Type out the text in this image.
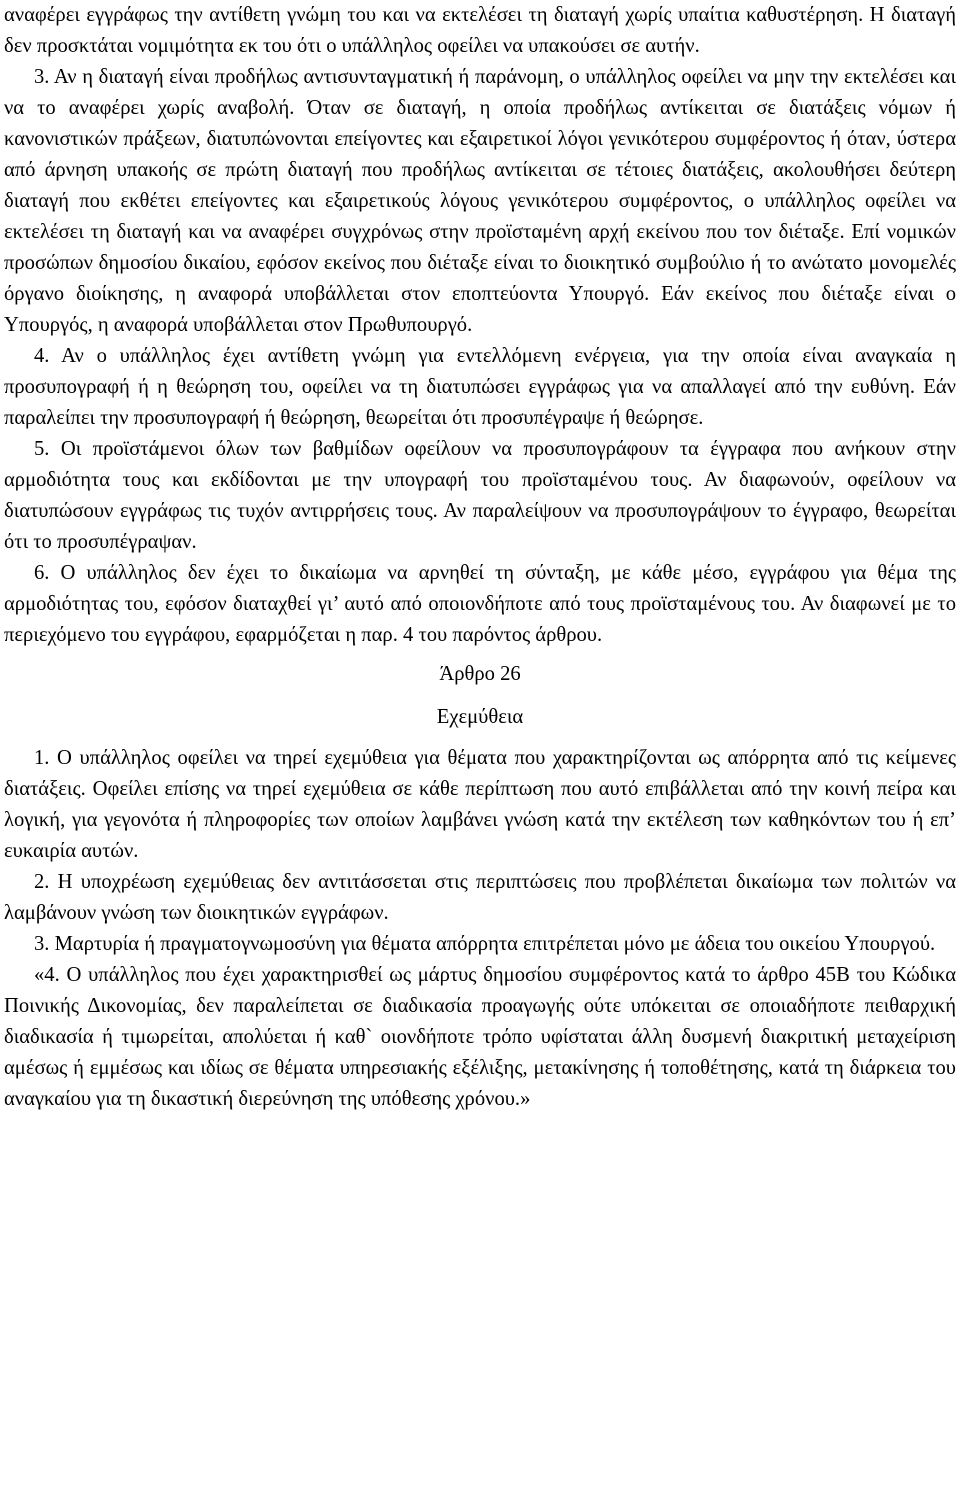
αναφέρει εγγράφως την αντίθετη γνώμη του και να εκτελέσει τη διαταγή χωρίς υπαίτια καθυστέρηση. Η διαταγή δεν προσκτάται νομιμότητα εκ του ότι ο υπάλληλος οφείλει να υπακούσει σε αυτήν.

3. Αν η διαταγή είναι προδήλως αντισυνταγματική ή παράνομη, ο υπάλληλος οφείλει να μην την εκτελέσει και να το αναφέρει χωρίς αναβολή. Όταν σε διαταγή, η οποία προδήλως αντίκειται σε διατάξεις νόμων ή κανονιστικών πράξεων, διατυπώνονται επείγοντες και εξαιρετικοί λόγοι γενικότερου συμφέροντος ή όταν, ύστερα από άρνηση υπακοής σε πρώτη διαταγή που προδήλως αντίκειται σε τέτοιες διατάξεις, ακολουθήσει δεύτερη διαταγή που εκθέτει επείγοντες και εξαιρετικούς λόγους γενικότερου συμφέροντος, ο υπάλληλος οφείλει να εκτελέσει τη διαταγή και να αναφέρει συγχρόνως στην προϊσταμένη αρχή εκείνου που τον διέταξε. Επί νομικών προσώπων δημοσίου δικαίου, εφόσον εκείνος που διέταξε είναι το διοικητικό συμβούλιο ή το ανώτατο μονομελές όργανο διοίκησης, η αναφορά υποβάλλεται στον εποπτεύοντα Υπουργό. Εάν εκείνος που διέταξε είναι ο Υπουργός, η αναφορά υποβάλλεται στον Πρωθυπουργό.

4. Αν ο υπάλληλος έχει αντίθετη γνώμη για εντελλόμενη ενέργεια, για την οποία είναι αναγκαία η προσυπογραφή ή η θεώρηση του, οφείλει να τη διατυπώσει εγγράφως για να απαλλαγεί από την ευθύνη. Εάν παραλείπει την προσυπογραφή ή θεώρηση, θεωρείται ότι προσυπέγραψε ή θεώρησε.

5. Οι προϊστάμενοι όλων των βαθμίδων οφείλουν να προσυπογράφουν τα έγγραφα που ανήκουν στην αρμοδιότητα τους και εκδίδονται με την υπογραφή του προϊσταμένου τους. Αν διαφωνούν, οφείλουν να διατυπώσουν εγγράφως τις τυχόν αντιρρήσεις τους. Αν παραλείψουν να προσυπογράψουν το έγγραφο, θεωρείται ότι το προσυπέγραψαν.

6. Ο υπάλληλος δεν έχει το δικαίωμα να αρνηθεί τη σύνταξη, με κάθε μέσο, εγγράφου για θέμα της αρμοδιότητας του, εφόσον διαταχθεί γι’ αυτό από οποιονδήποτε από τους προϊσταμένους του. Αν διαφωνεί με το περιεχόμενο του εγγράφου, εφαρμόζεται η παρ. 4 του παρόντος άρθρου.

Άρθρο 26
Εχεμύθεια

1. Ο υπάλληλος οφείλει να τηρεί εχεμύθεια για θέματα που χαρακτηρίζονται ως απόρρητα από τις κείμενες διατάξεις. Οφείλει επίσης να τηρεί εχεμύθεια σε κάθε περίπτωση που αυτό επιβάλλεται από την κοινή πείρα και λογική, για γεγονότα ή πληροφορίες των οποίων λαμβάνει γνώση κατά την εκτέλεση των καθηκόντων του ή επ’ ευκαιρία αυτών.

2. Η υποχρέωση εχεμύθειας δεν αντιτάσσεται στις περιπτώσεις που προβλέπεται δικαίωμα των πολιτών να λαμβάνουν γνώση των διοικητικών εγγράφων.

3. Μαρτυρία ή πραγματογνωμοσύνη για θέματα απόρρητα επιτρέπεται μόνο με άδεια του οικείου Υπουργού.

«4. Ο υπάλληλος που έχει χαρακτηρισθεί ως μάρτυς δημοσίου συμφέροντος κατά το άρθρο 45Β του Κώδικα Ποινικής Δικονομίας, δεν παραλείπεται σε διαδικασία προαγωγής ούτε υπόκειται σε οποιαδήποτε πειθαρχική διαδικασία ή τιμωρείται, απολύεται ή καθ` οιονδήποτε τρόπο υφίσταται άλλη δυσμενή διακριτική μεταχείριση αμέσως ή εμμέσως και ιδίως σε θέματα υπηρεσιακής εξέλιξης, μετακίνησης ή τοποθέτησης, κατά τη διάρκεια του αναγκαίου για τη δικαστική διερεύνηση της υπόθεσης χρόνου.»
